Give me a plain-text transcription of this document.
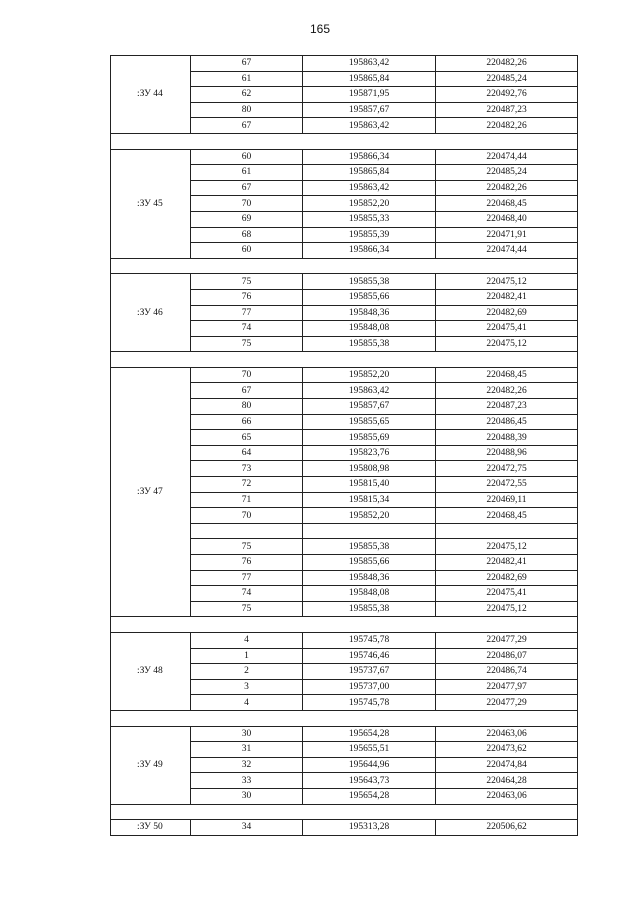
165
:ЗУ 44	67	195863,42	220482,26
	61	195865,84	220485,24
	62	195871,95	220492,76
	80	195857,67	220487,23
	67	195863,42	220482,26

:ЗУ 45	60	195866,34	220474,44
	61	195865,84	220485,24
	67	195863,42	220482,26
	70	195852,20	220468,45
	69	195855,33	220468,40
	68	195855,39	220471,91
	60	195866,34	220474,44

:ЗУ 46	75	195855,38	220475,12
	76	195855,66	220482,41
	77	195848,36	220482,69
	74	195848,08	220475,41
	75	195855,38	220475,12

:ЗУ 47	70	195852,20	220468,45
	67	195863,42	220482,26
	80	195857,67	220487,23
	66	195855,65	220486,45
	65	195855,69	220488,39
	64	195823,76	220488,96
	73	195808,98	220472,75
	72	195815,40	220472,55
	71	195815,34	220469,11
	70	195852,20	220468,45

	75	195855,38	220475,12
	76	195855,66	220482,41
	77	195848,36	220482,69
	74	195848,08	220475,41
	75	195855,38	220475,12

:ЗУ 48	4	195745,78	220477,29
	1	195746,46	220486,07
	2	195737,67	220486,74
	3	195737,00	220477,97
	4	195745,78	220477,29

:ЗУ 49	30	195654,28	220463,06
	31	195655,51	220473,62
	32	195644,96	220474,84
	33	195643,73	220464,28
	30	195654,28	220463,06

:ЗУ 50	34	195313,28	220506,62
